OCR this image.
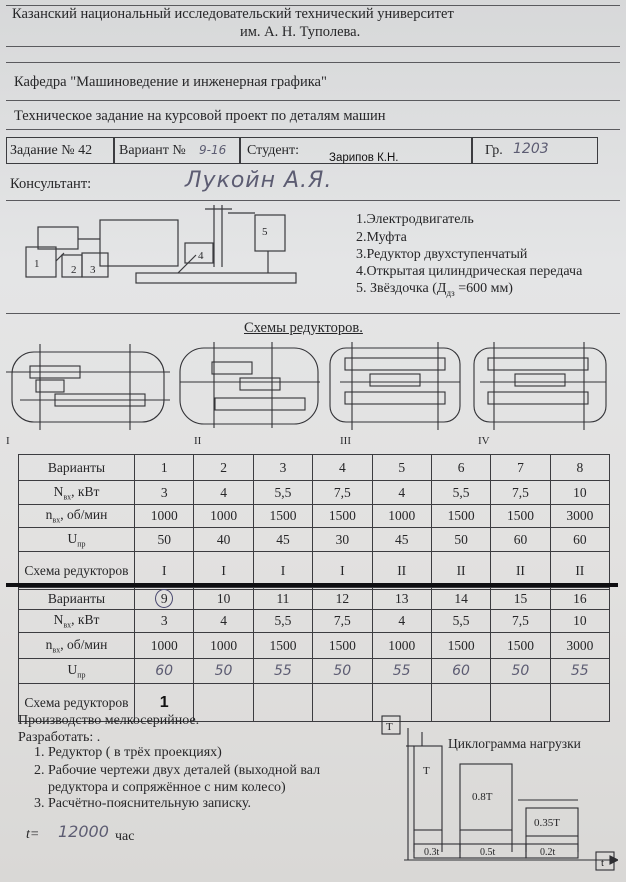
Казанский национальный исследовательский технический университет
им. А. Н. Туполева.
Кафедра "Машиноведение и инженерная графика"
Техническое задание на курсовой проект по деталям машин
Задание № 42 Вариант № 9-16 Студент:	Зарипов К.Н.	Гр. 1203
Консультант:	Лукойн А.Я.
1	2 3
4
5
1.Электродвигатель
2.Муфта
3.Редуктор двухступенчатый
4.Открытая цилиндрическая передача
5. Звёздочка ($Д_{дз} =600$ мм)
Схемы редукторов.
I	II	III	IV
Варианты	1	2	3	4	5	6	7	8
$N_{вх}$, кВт	3	4	5,5	7,5	4	5,5	7,5	10
$n_{вх}$, об/мин	1000	1000	1500	1500	1000	1500	1500	3000
$U_{пр}$	50	40	45	30	45	50	60	60
Схема редукторов	I	I	I	I	II	II	II	II
Варианты	9	10	11	12	13	14	15	16
$N_{вх}$, кВт	3	4	5,5	7,5	4	5,5	7,5	10
$n_{вх}$, об/мин	1000	1000	1500	1500	1000	1500	1500	3000
$U_{пр}$	60	50	55	50	55	60	50	55
Схема редукторов	1							
Производство мелкосерийное.
Разработать: .
1. Редуктор ( в трёх проекциях)
2. Рабочие чертежи двух деталей (выходной вал
редуктора и сопряжённое с ним колесо)
3. Расчётно-пояснительную записку.
t= 12000 час
T
t
Циклограмма нагрузки
T
0.8T
0.35T
0.3t	0.5t	0.2t
